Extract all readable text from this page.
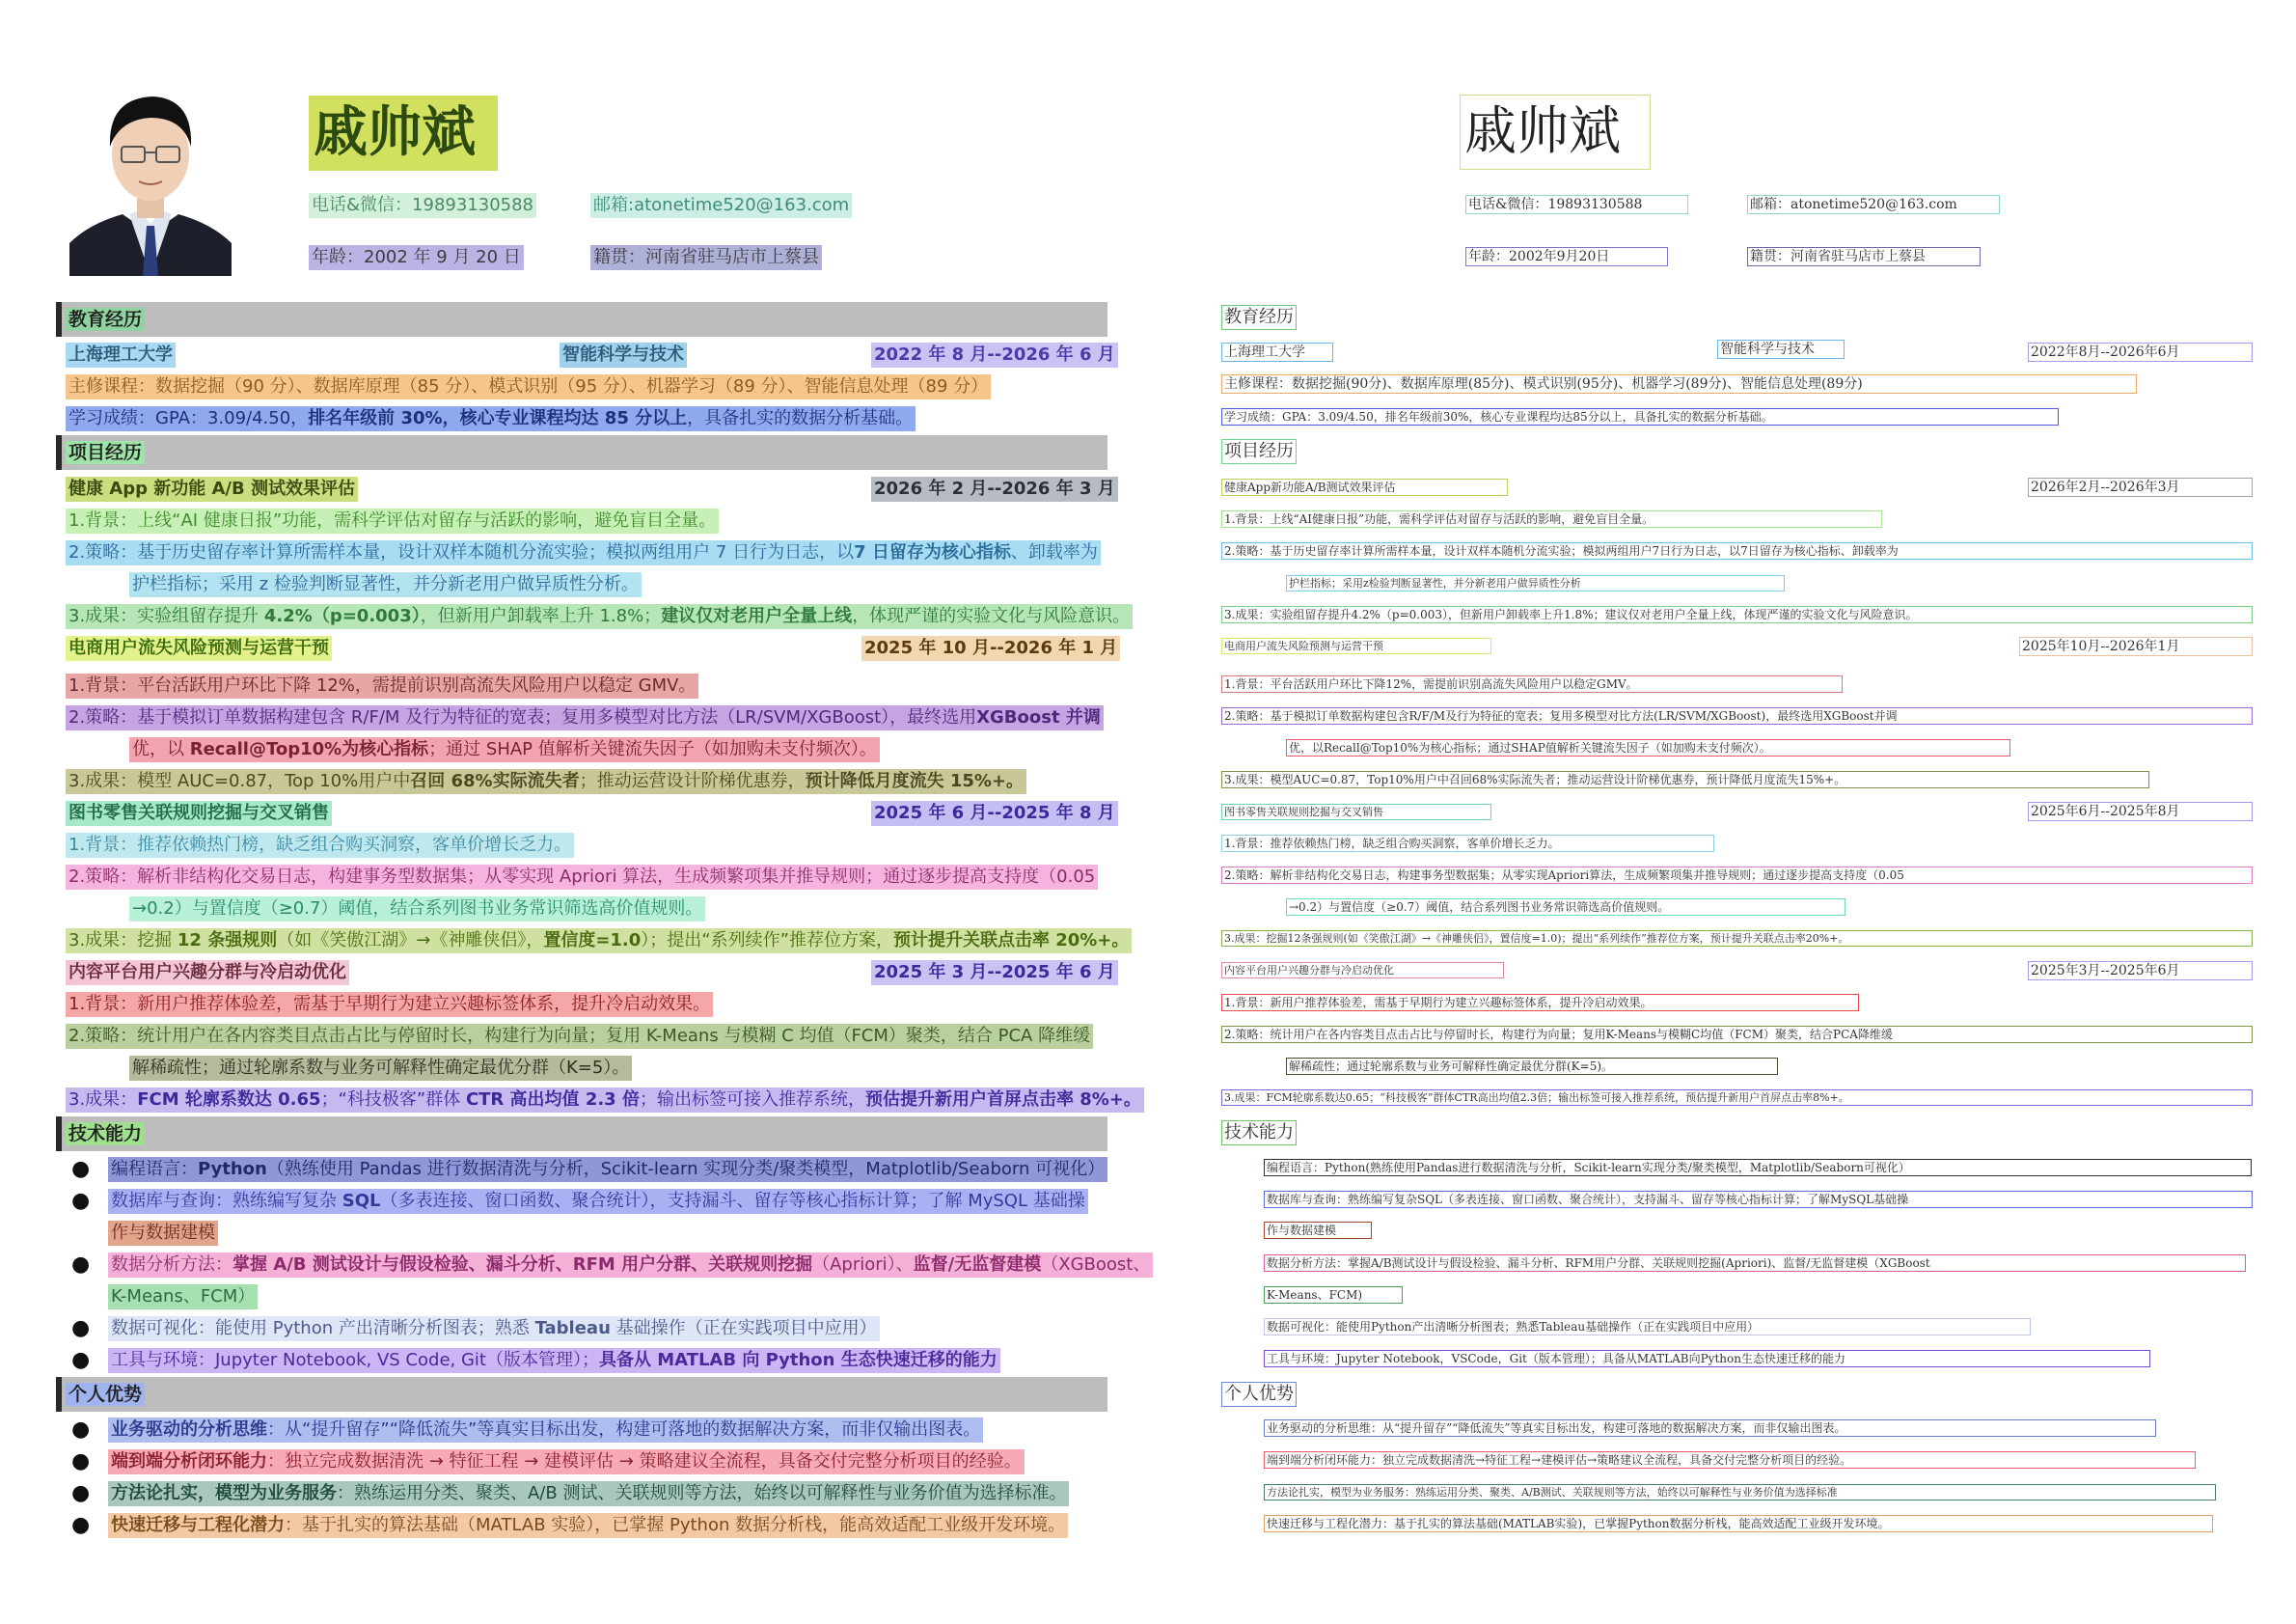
戚帅斌
电话&微信：19893130588	邮箱:atonetime520@163.com
年龄：2002 年 9 月 20 日	籍贯：河南省驻马店市上蔡县
教育经历
上海理工大学	智能科学与技术	2022 年 8 月--2026 年 6 月
主修课程：数据挖掘（90 分）、数据库原理（85 分）、模式识别（95 分）、机器学习（89 分）、智能信息处理（89 分）
学习成绩：GPA：3.09/4.50，排名年级前 30%，核心专业课程均达 85 分以上，具备扎实的数据分析基础。
项目经历
健康 App 新功能 A/B 测试效果评估	2026 年 2 月--2026 年 3 月
1.背景：上线“AI 健康日报”功能，需科学评估对留存与活跃的影响，避免盲目全量。
2.策略：基于历史留存率计算所需样本量，设计双样本随机分流实验；模拟两组用户 7 日行为日志，以7 日留存为核心指标、卸载率为
护栏指标；采用 z 检验判断显著性，并分新老用户做异质性分析。
3.成果：实验组留存提升 4.2%（p=0.003），但新用户卸载率上升 1.8%；建议仅对老用户全量上线，体现严谨的实验文化与风险意识。
电商用户流失风险预测与运营干预	2025 年 10 月--2026 年 1 月
1.背景：平台活跃用户环比下降 12%，需提前识别高流失风险用户以稳定 GMV。
2.策略：基于模拟订单数据构建包含 R/F/M 及行为特征的宽表；复用多模型对比方法（LR/SVM/XGBoost），最终选用XGBoost 并调
优，以 Recall@Top10%为核心指标；通过 SHAP 值解析关键流失因子（如加购未支付频次）。
3.成果：模型 AUC=0.87，Top 10%用户中召回 68%实际流失者；推动运营设计阶梯优惠券，预计降低月度流失 15%+。
图书零售关联规则挖掘与交叉销售	2025 年 6 月--2025 年 8 月
1.背景：推荐依赖热门榜，缺乏组合购买洞察，客单价增长乏力。
2.策略：解析非结构化交易日志，构建事务型数据集；从零实现 Apriori 算法，生成频繁项集并推导规则；通过逐步提高支持度（0.05
→0.2）与置信度（≥0.7）阈值，结合系列图书业务常识筛选高价值规则。
3.成果：挖掘 12 条强规则（如《笑傲江湖》→《神雕侠侣》，置信度=1.0）；提出“系列续作”推荐位方案，预计提升关联点击率 20%+。
内容平台用户兴趣分群与冷启动优化	2025 年 3 月--2025 年 6 月
1.背景：新用户推荐体验差，需基于早期行为建立兴趣标签体系，提升冷启动效果。
2.策略：统计用户在各内容类目点击占比与停留时长，构建行为向量；复用 K-Means 与模糊 C 均值（FCM）聚类，结合 PCA 降维缓
解稀疏性；通过轮廓系数与业务可解释性确定最优分群（K=5）。
3.成果：FCM 轮廓系数达 0.65；“科技极客”群体 CTR 高出均值 2.3 倍；输出标签可接入推荐系统，预估提升新用户首屏点击率 8%+。
技术能力
● 编程语言：Python（熟练使用 Pandas 进行数据清洗与分析，Scikit-learn 实现分类/聚类模型，Matplotlib/Seaborn 可视化）
● 数据库与查询：熟练编写复杂 SQL（多表连接、窗口函数、聚合统计），支持漏斗、留存等核心指标计算；了解 MySQL 基础操
作与数据建模
● 数据分析方法：掌握 A/B 测试设计与假设检验、漏斗分析、RFM 用户分群、关联规则挖掘（Apriori）、监督/无监督建模（XGBoost、
K-Means、FCM）
● 数据可视化：能使用 Python 产出清晰分析图表；熟悉 Tableau 基础操作（正在实践项目中应用）
● 工具与环境：Jupyter Notebook, VS Code, Git（版本管理）；具备从 MATLAB 向 Python 生态快速迁移的能力
个人优势
● 业务驱动的分析思维：从“提升留存”“降低流失”等真实目标出发，构建可落地的数据解决方案，而非仅输出图表。
● 端到端分析闭环能力：独立完成数据清洗 → 特征工程 → 建模评估 → 策略建议全流程，具备交付完整分析项目的经验。
● 方法论扎实，模型为业务服务：熟练运用分类、聚类、A/B 测试、关联规则等方法，始终以可解释性与业务价值为选择标准。
● 快速迁移与工程化潜力：基于扎实的算法基础（MATLAB 实验），已掌握 Python 数据分析栈，能高效适配工业级开发环境。
戚帅斌
电话&微信：19893130588	邮箱：atonetime520@163.com
年龄：2002年9月20日	籍贯：河南省驻马店市上蔡县
教育经历
上海理工大学	智能科学与技术	2022年8月--2026年6月
主修课程：数据挖掘(90分)、数据库原理(85分)、模式识别(95分)、机器学习(89分)、智能信息处理(89分)
学习成绩：GPA：3.09/4.50，排名年级前30%，核心专业课程均达85分以上，具备扎实的数据分析基础。
项目经历
健康App新功能A/B测试效果评估	2026年2月--2026年3月
1.背景：上线“AI健康日报”功能，需科学评估对留存与活跃的影响，避免盲目全量。
2.策略：基于历史留存率计算所需样本量，设计双样本随机分流实验；模拟两组用户7日行为日志，以7日留存为核心指标、卸载率为
护栏指标；采用z检验判断显著性，并分新老用户做异质性分析
3.成果：实验组留存提升4.2%（p=0.003），但新用户卸载率上升1.8%；建议仅对老用户全量上线，体现严谨的实验文化与风险意识。
电商用户流失风险预测与运营干预	2025年10月--2026年1月
1.背景：平台活跃用户环比下降12%，需提前识别高流失风险用户以稳定GMV。
2.策略：基于模拟订单数据构建包含R/F/M及行为特征的宽表；复用多模型对比方法(LR/SVM/XGBoost)，最终选用XGBoost并调
优，以Recall@Top10%为核心指标；通过SHAP值解析关键流失因子（如加购未支付频次）。
3.成果：模型AUC=0.87，Top10%用户中召回68%实际流失者；推动运营设计阶梯优惠券，预计降低月度流失15%+。
图书零售关联规则挖掘与交叉销售	2025年6月--2025年8月
1.背景：推荐依赖热门榜，缺乏组合购买洞察，客单价增长乏力。
2.策略：解析非结构化交易日志，构建事务型数据集；从零实现Apriori算法，生成频繁项集并推导规则；通过逐步提高支持度（0.05
→0.2）与置信度（≥0.7）阈值，结合系列图书业务常识筛选高价值规则。
3.成果：挖掘12条强规则(如《笑傲江湖》→《神雕侠侣》，置信度=1.0)；提出“系列续作”推荐位方案，预计提升关联点击率20%+。
内容平台用户兴趣分群与冷启动优化	2025年3月--2025年6月
1.背景：新用户推荐体验差，需基于早期行为建立兴趣标签体系，提升冷启动效果。
2.策略：统计用户在各内容类目点击占比与停留时长，构建行为向量；复用K-Means与模糊C均值（FCM）聚类，结合PCA降维缓
解稀疏性；通过轮廓系数与业务可解释性确定最优分群(K=5)。
3.成果：FCM轮廓系数达0.65；“科技极客”群体CTR高出均值2.3倍；输出标签可接入推荐系统，预估提升新用户首屏点击率8%+。
技术能力
编程语言：Python(熟练使用Pandas进行数据清洗与分析，Scikit-learn实现分类/聚类模型，Matplotlib/Seaborn可视化）
数据库与查询：熟练编写复杂SQL（多表连接、窗口函数、聚合统计），支持漏斗、留存等核心指标计算；了解MySQL基础操
作与数据建模
数据分析方法：掌握A/B测试设计与假设检验、漏斗分析、RFM用户分群、关联规则挖掘(Apriori)、监督/无监督建模（XGBoost
K-Means、FCM)
数据可视化：能使用Python产出清晰分析图表；熟悉Tableau基础操作（正在实践项目中应用）
工具与环境：Jupyter Notebook，VSCode，Git（版本管理）；具备从MATLAB向Python生态快速迁移的能力
个人优势
业务驱动的分析思维：从“提升留存”“降低流失”等真实目标出发，构建可落地的数据解决方案，而非仅输出图表。
端到端分析闭环能力：独立完成数据清洗→特征工程→建模评估→策略建议全流程，具备交付完整分析项目的经验。
方法论扎实，模型为业务服务：熟练运用分类、聚类、A/B测试、关联规则等方法，始终以可解释性与业务价值为选择标准
快速迁移与工程化潜力：基于扎实的算法基础(MATLAB实验)，已掌握Python数据分析栈，能高效适配工业级开发环境。
